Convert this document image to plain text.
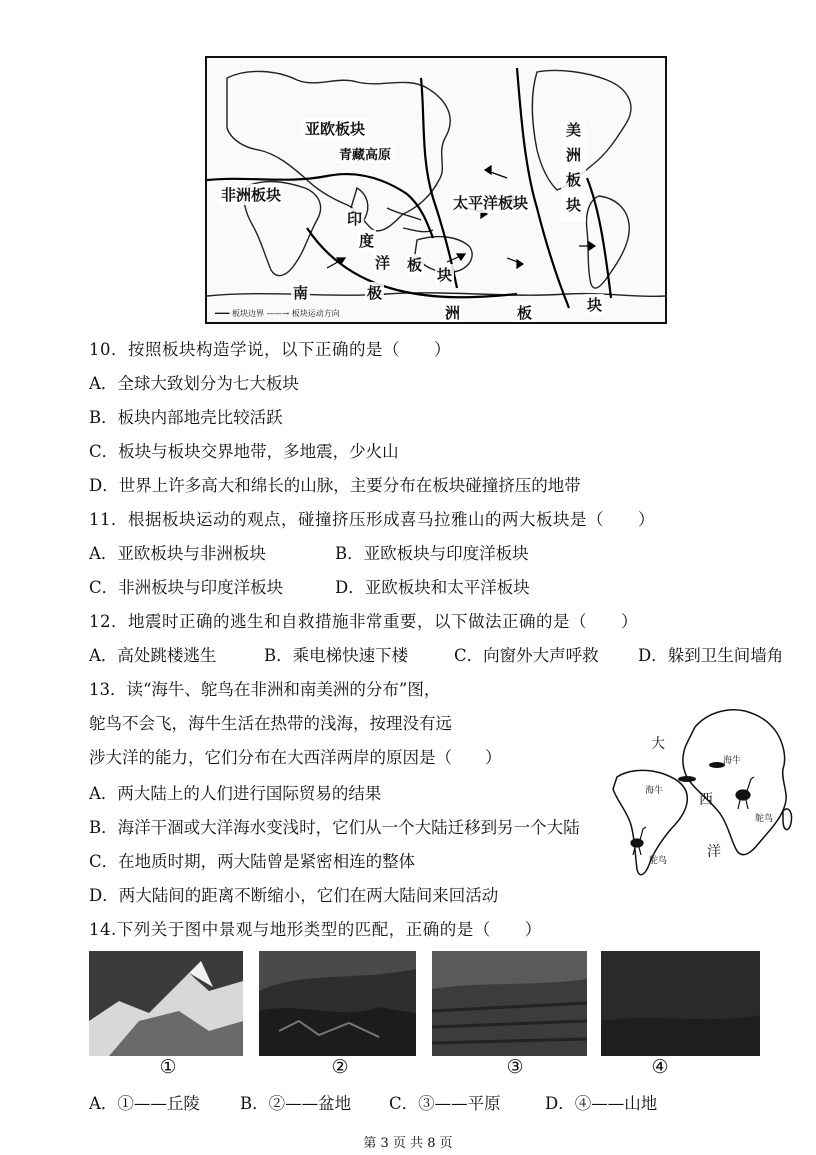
亚欧板块
青藏高原
非洲板块
印
度
洋 板
块
太平洋板块 美洲板块
南	极
洲	板	块
━━━ 板块边界 ——→ 板块运动方向
10．按照板块构造学说，以下正确的是（　　）
A．全球大致划分为七大板块
B．板块内部地壳比较活跃
C．板块与板块交界地带，多地震，少火山
D．世界上许多高大和绵长的山脉，主要分布在板块碰撞挤压的地带
11．根据板块运动的观点，碰撞挤压形成喜马拉雅山的两大板块是（　　）
A．亚欧板块与非洲板块	B．亚欧板块与印度洋板块
C．非洲板块与印度洋板块	D．亚欧板块和太平洋板块
12．地震时正确的逃生和自救措施非常重要，以下做法正确的是（　　）
A．高处跳楼逃生	B．乘电梯快速下楼	C．向窗外大声呼救 D．躲到卫生间墙角
13．读“海牛、鸵鸟在非洲和南美洲的分布”图，
鸵鸟不会飞，海牛生活在热带的浅海，按理没有远
涉大洋的能力，它们分布在大西洋两岸的原因是（　　）
A．两大陆上的人们进行国际贸易的结果
B．海洋干涸或大洋海水变浅时，它们从一个大陆迁移到另一个大陆
C．在地质时期，两大陆曾是紧密相连的整体
D．两大陆间的距离不断缩小，它们在两大陆间来回活动
大
西
洋
海牛
海牛
鸵鸟
鸵鸟
14.下列关于图中景观与地形类型的匹配，正确的是（　　）
①	②	③	④
A．①——丘陵 B．②——盆地 C．③——平原	D．④——山地
第 3 页 共 8 页
